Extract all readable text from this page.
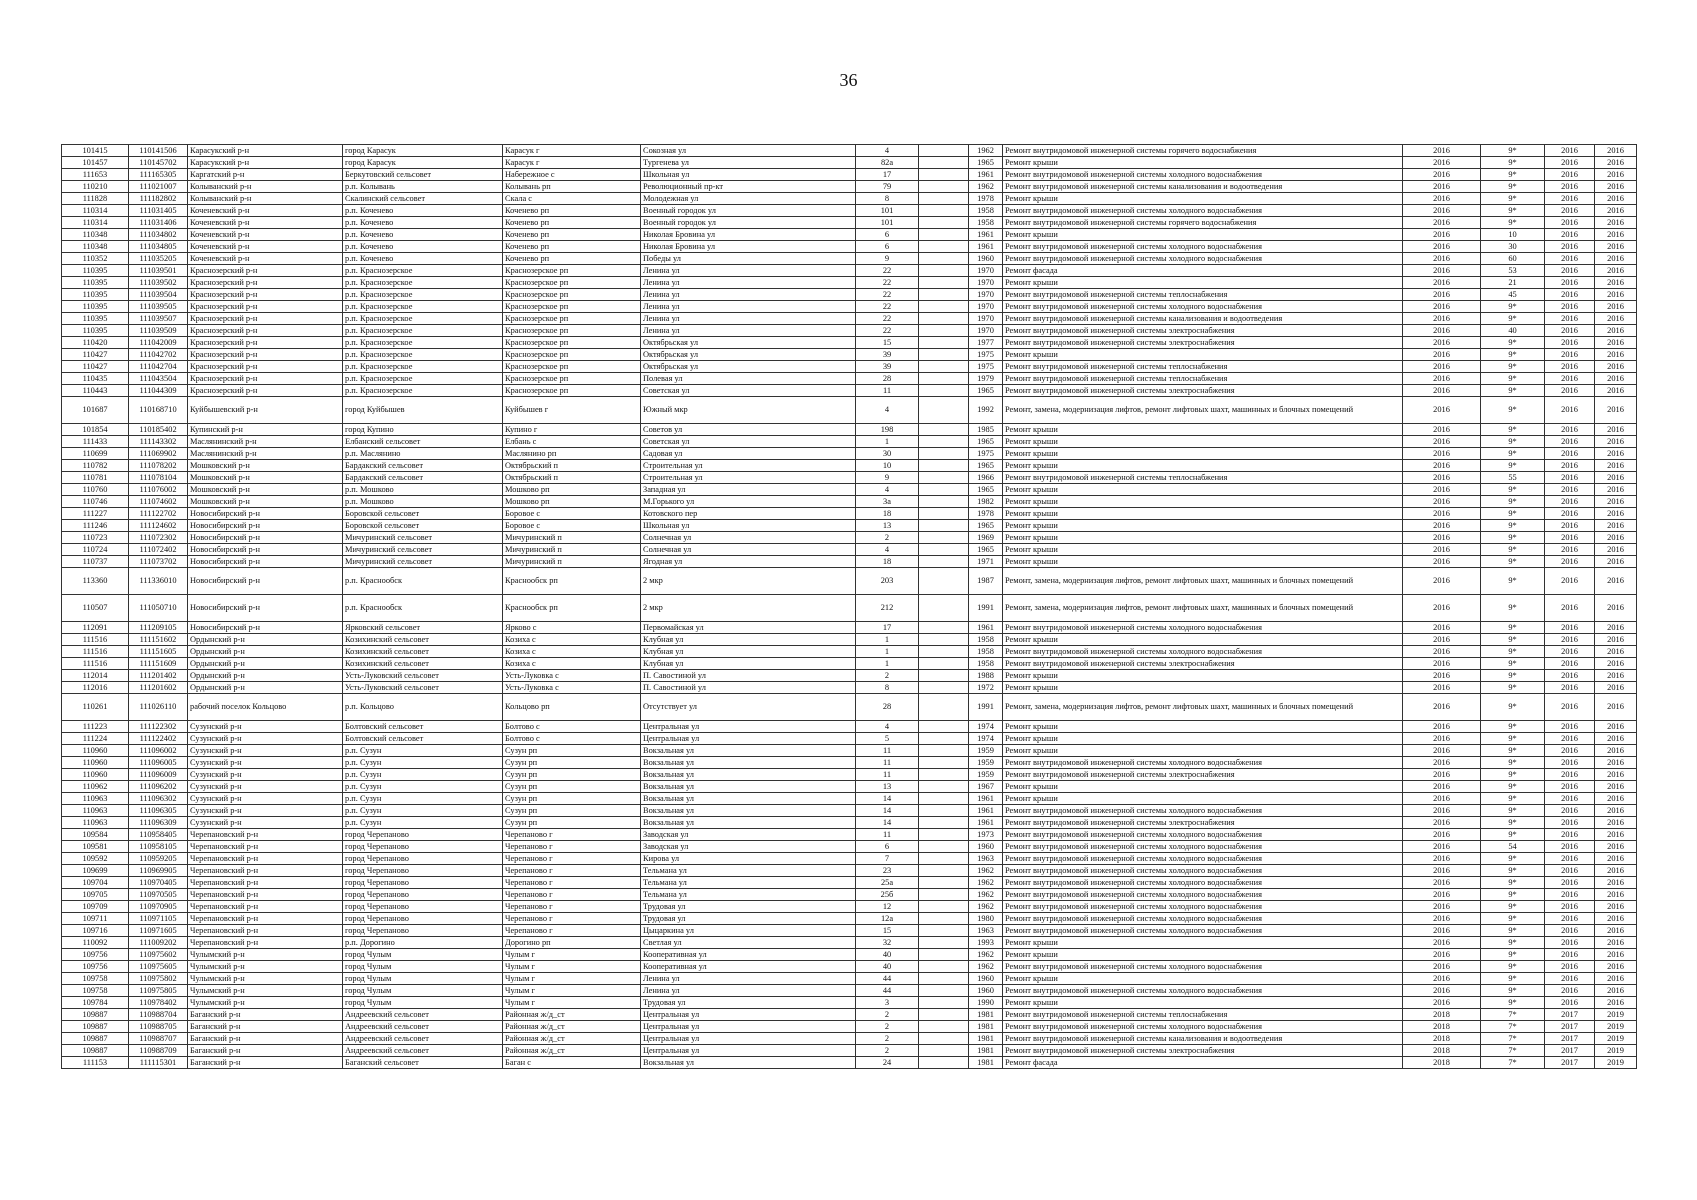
36
101415	110141506	Карасукский р-н	город Карасук	Карасук г	Сокозная ул	4		1962	Ремонт внутридомовой инженерной системы горячего водоснабжения	2016	9*	2016	2016
101457	110145702	Карасукский р-н	город Карасук	Карасук г	Тургенева ул	82а		1965	Ремонт крыши	2016	9*	2016	2016
111653	111165305	Каргатский р-н	Беркутовский сельсовет	Набережное с	Школьная ул	17		1961	Ремонт внутридомовой инженерной системы холодного водоснабжения	2016	9*	2016	2016
110210	111021007	Колыванский р-н	р.п. Колывань	Колывань рп	Революционный пр-кт	79		1962	Ремонт внутридомовой инженерной системы канализования и водоотведения	2016	9*	2016	2016
111828	111182802	Колыванский р-н	Скалинский сельсовет	Скала с	Молодежная ул	8		1978	Ремонт крыши	2016	9*	2016	2016
110314	111031405	Коченевский р-н	р.п. Коченево	Коченево рп	Военный городок ул	101		1958	Ремонт внутридомовой инженерной системы холодного водоснабжения	2016	9*	2016	2016
110314	111031406	Коченевский р-н	р.п. Коченево	Коченево рп	Военный городок ул	101		1958	Ремонт внутридомовой инженерной системы горячего водоснабжения	2016	9*	2016	2016
110348	111034802	Коченевский р-н	р.п. Коченево	Коченево рп	Николая Бровина ул	6		1961	Ремонт крыши	2016	10	2016	2016
110348	111034805	Коченевский р-н	р.п. Коченево	Коченево рп	Николая Бровина ул	6		1961	Ремонт внутридомовой инженерной системы холодного водоснабжения	2016	30	2016	2016
110352	111035205	Коченевский р-н	р.п. Коченево	Коченево рп	Победы ул	9		1960	Ремонт внутридомовой инженерной системы холодного водоснабжения	2016	60	2016	2016
110395	111039501	Краснозерский р-н	р.п. Краснозерское	Краснозерское рп	Ленина ул	22		1970	Ремонт фасада	2016	53	2016	2016
110395	111039502	Краснозерский р-н	р.п. Краснозерское	Краснозерское рп	Ленина ул	22		1970	Ремонт крыши	2016	21	2016	2016
110395	111039504	Краснозерский р-н	р.п. Краснозерское	Краснозерское рп	Ленина ул	22		1970	Ремонт внутридомовой инженерной системы теплоснабжения	2016	45	2016	2016
110395	111039505	Краснозерский р-н	р.п. Краснозерское	Краснозерское рп	Ленина ул	22		1970	Ремонт внутридомовой инженерной системы холодного водоснабжения	2016	9*	2016	2016
110395	111039507	Краснозерский р-н	р.п. Краснозерское	Краснозерское рп	Ленина ул	22		1970	Ремонт внутридомовой инженерной системы канализования и водоотведения	2016	9*	2016	2016
110395	111039509	Краснозерский р-н	р.п. Краснозерское	Краснозерское рп	Ленина ул	22		1970	Ремонт внутридомовой инженерной системы электроснабжения	2016	40	2016	2016
110420	111042009	Краснозерский р-н	р.п. Краснозерское	Краснозерское рп	Октябрьская ул	15		1977	Ремонт внутридомовой инженерной системы электроснабжения	2016	9*	2016	2016
110427	111042702	Краснозерский р-н	р.п. Краснозерское	Краснозерское рп	Октябрьская ул	39		1975	Ремонт крыши	2016	9*	2016	2016
110427	111042704	Краснозерский р-н	р.п. Краснозерское	Краснозерское рп	Октябрьская ул	39		1975	Ремонт внутридомовой инженерной системы теплоснабжения	2016	9*	2016	2016
110435	111043504	Краснозерский р-н	р.п. Краснозерское	Краснозерское рп	Полевая ул	28		1979	Ремонт внутридомовой инженерной системы теплоснабжения	2016	9*	2016	2016
110443	111044309	Краснозерский р-н	р.п. Краснозерское	Краснозерское рп	Советская ул	11		1965	Ремонт внутридомовой инженерной системы электроснабжения	2016	9*	2016	2016
101687	110168710	Куйбышевский р-н	город Куйбышев	Куйбышев г	Южный мкр	4		1992	Ремонт, замена, модернизация лифтов, ремонт лифтовых шахт, машинных и блочных помещений	2016	9*	2016	2016
101854	110185402	Купинский р-н	город Купино	Купино г	Советов ул	198		1985	Ремонт крыши	2016	9*	2016	2016
111433	111143302	Маслянинский р-н	Елбанский сельсовет	Елбань с	Советская ул	1		1965	Ремонт крыши	2016	9*	2016	2016
110699	111069902	Маслянинский р-н	р.п. Маслянино	Маслянино рп	Садовая ул	30		1975	Ремонт крыши	2016	9*	2016	2016
110782	111078202	Мошковский р-н	Бардакский сельсовет	Октябрьский п	Строительная ул	10		1965	Ремонт крыши	2016	9*	2016	2016
110781	111078104	Мошковский р-н	Бардакский сельсовет	Октябрьский п	Строительная ул	9		1966	Ремонт внутридомовой инженерной системы теплоснабжения	2016	55	2016	2016
110760	111076002	Мошковский р-н	р.п. Мошково	Мошково рп	Западная ул	4		1965	Ремонт крыши	2016	9*	2016	2016
110746	111074602	Мошковский р-н	р.п. Мошково	Мошково рп	М.Горького ул	3а		1982	Ремонт крыши	2016	9*	2016	2016
111227	111122702	Новосибирский р-н	Боровской сельсовет	Боровое с	Котовского пер	18		1978	Ремонт крыши	2016	9*	2016	2016
111246	111124602	Новосибирский р-н	Боровской сельсовет	Боровое с	Школьная ул	13		1965	Ремонт крыши	2016	9*	2016	2016
110723	111072302	Новосибирский р-н	Мичуринский сельсовет	Мичуринский п	Солнечная ул	2		1969	Ремонт крыши	2016	9*	2016	2016
110724	111072402	Новосибирский р-н	Мичуринский сельсовет	Мичуринский п	Солнечная ул	4		1965	Ремонт крыши	2016	9*	2016	2016
110737	111073702	Новосибирский р-н	Мичуринский сельсовет	Мичуринский п	Ягодная ул	18		1971	Ремонт крыши	2016	9*	2016	2016
113360	111336010	Новосибирский р-н	р.п. Краснообск	Краснообск рп	2 мкр	203		1987	Ремонт, замена, модернизация лифтов, ремонт лифтовых шахт, машинных и блочных помещений	2016	9*	2016	2016
110507	111050710	Новосибирский р-н	р.п. Краснообск	Краснообск рп	2 мкр	212		1991	Ремонт, замена, модернизация лифтов, ремонт лифтовых шахт, машинных и блочных помещений	2016	9*	2016	2016
112091	111209105	Новосибирский р-н	Ярковский сельсовет	Ярково с	Первомайская ул	17		1961	Ремонт внутридомовой инженерной системы холодного водоснабжения	2016	9*	2016	2016
111516	111151602	Ордынский р-н	Козихинский сельсовет	Козиха с	Клубная ул	1		1958	Ремонт крыши	2016	9*	2016	2016
111516	111151605	Ордынский р-н	Козихинский сельсовет	Козиха с	Клубная ул	1		1958	Ремонт внутридомовой инженерной системы холодного водоснабжения	2016	9*	2016	2016
111516	111151609	Ордынский р-н	Козихинский сельсовет	Козиха с	Клубная ул	1		1958	Ремонт внутридомовой инженерной системы электроснабжения	2016	9*	2016	2016
112014	111201402	Ордынский р-н	Усть-Луковский сельсовет	Усть-Луковка с	П. Савостиной ул	2		1988	Ремонт крыши	2016	9*	2016	2016
112016	111201602	Ордынский р-н	Усть-Луковский сельсовет	Усть-Луковка с	П. Савостиной ул	8		1972	Ремонт крыши	2016	9*	2016	2016
110261	111026110	рабочий поселок Кольцово	р.п. Кольцово	Кольцово рп	Отсутствует ул	28		1991	Ремонт, замена, модернизация лифтов, ремонт лифтовых шахт, машинных и блочных помещений	2016	9*	2016	2016
111223	111122302	Сузунский р-н	Болтовский сельсовет	Болтово с	Центральная ул	4		1974	Ремонт крыши	2016	9*	2016	2016
111224	111122402	Сузунский р-н	Болтовский сельсовет	Болтово с	Центральная ул	5		1974	Ремонт крыши	2016	9*	2016	2016
110960	111096002	Сузунский р-н	р.п. Сузун	Сузун рп	Вокзальная ул	11		1959	Ремонт крыши	2016	9*	2016	2016
110960	111096005	Сузунский р-н	р.п. Сузун	Сузун рп	Вокзальная ул	11		1959	Ремонт внутридомовой инженерной системы холодного водоснабжения	2016	9*	2016	2016
110960	111096009	Сузунский р-н	р.п. Сузун	Сузун рп	Вокзальная ул	11		1959	Ремонт внутридомовой инженерной системы электроснабжения	2016	9*	2016	2016
110962	111096202	Сузунский р-н	р.п. Сузун	Сузун рп	Вокзальная ул	13		1967	Ремонт крыши	2016	9*	2016	2016
110963	111096302	Сузунский р-н	р.п. Сузун	Сузун рп	Вокзальная ул	14		1961	Ремонт крыши	2016	9*	2016	2016
110963	111096305	Сузунский р-н	р.п. Сузун	Сузун рп	Вокзальная ул	14		1961	Ремонт внутридомовой инженерной системы холодного водоснабжения	2016	9*	2016	2016
110963	111096309	Сузунский р-н	р.п. Сузун	Сузун рп	Вокзальная ул	14		1961	Ремонт внутридомовой инженерной системы электроснабжения	2016	9*	2016	2016
109584	110958405	Черепановский р-н	город Черепаново	Черепаново г	Заводская ул	11		1973	Ремонт внутридомовой инженерной системы холодного водоснабжения	2016	9*	2016	2016
109581	110958105	Черепановский р-н	город Черепаново	Черепаново г	Заводская ул	6		1960	Ремонт внутридомовой инженерной системы холодного водоснабжения	2016	54	2016	2016
109592	110959205	Черепановский р-н	город Черепаново	Черепаново г	Кирова ул	7		1963	Ремонт внутридомовой инженерной системы холодного водоснабжения	2016	9*	2016	2016
109699	110969905	Черепановский р-н	город Черепаново	Черепаново г	Тельмана ул	23		1962	Ремонт внутридомовой инженерной системы холодного водоснабжения	2016	9*	2016	2016
109704	110970405	Черепановский р-н	город Черепаново	Черепаново г	Тельмана ул	25а		1962	Ремонт внутридомовой инженерной системы холодного водоснабжения	2016	9*	2016	2016
109705	110970505	Черепановский р-н	город Черепаново	Черепаново г	Тельмана ул	25б		1962	Ремонт внутридомовой инженерной системы холодного водоснабжения	2016	9*	2016	2016
109709	110970905	Черепановский р-н	город Черепаново	Черепаново г	Трудовая ул	12		1962	Ремонт внутридомовой инженерной системы холодного водоснабжения	2016	9*	2016	2016
109711	110971105	Черепановский р-н	город Черепаново	Черепаново г	Трудовая ул	12а		1980	Ремонт внутридомовой инженерной системы холодного водоснабжения	2016	9*	2016	2016
109716	110971605	Черепановский р-н	город Черепаново	Черепаново г	Цыцаркина ул	15		1963	Ремонт внутридомовой инженерной системы холодного водоснабжения	2016	9*	2016	2016
110092	111009202	Черепановский р-н	р.п. Дорогино	Дорогино рп	Светлая ул	32		1993	Ремонт крыши	2016	9*	2016	2016
109756	110975602	Чулымский р-н	город Чулым	Чулым г	Кооперативная ул	40		1962	Ремонт крыши	2016	9*	2016	2016
109756	110975605	Чулымский р-н	город Чулым	Чулым г	Кооперативная ул	40		1962	Ремонт внутридомовой инженерной системы холодного водоснабжения	2016	9*	2016	2016
109758	110975802	Чулымский р-н	город Чулым	Чулым г	Ленина ул	44		1960	Ремонт крыши	2016	9*	2016	2016
109758	110975805	Чулымский р-н	город Чулым	Чулым г	Ленина ул	44		1960	Ремонт внутридомовой инженерной системы холодного водоснабжения	2016	9*	2016	2016
109784	110978402	Чулымский р-н	город Чулым	Чулым г	Трудовая ул	3		1990	Ремонт крыши	2016	9*	2016	2016
109887	110988704	Баганский р-н	Андреевский сельсовет	Районная ж/д_ст	Центральная ул	2		1981	Ремонт внутридомовой инженерной системы теплоснабжения	2018	7*	2017	2019
109887	110988705	Баганский р-н	Андреевский сельсовет	Районная ж/д_ст	Центральная ул	2		1981	Ремонт внутридомовой инженерной системы холодного водоснабжения	2018	7*	2017	2019
109887	110988707	Баганский р-н	Андреевский сельсовет	Районная ж/д_ст	Центральная ул	2		1981	Ремонт внутридомовой инженерной системы канализования и водоотведения	2018	7*	2017	2019
109887	110988709	Баганский р-н	Андреевский сельсовет	Районная ж/д_ст	Центральная ул	2		1981	Ремонт внутридомовой инженерной системы электроснабжения	2018	7*	2017	2019
111153	111115301	Баганский р-н	Баганский сельсовет	Баган с	Вокзальная ул	24		1981	Ремонт фасада	2018	7*	2017	2019
